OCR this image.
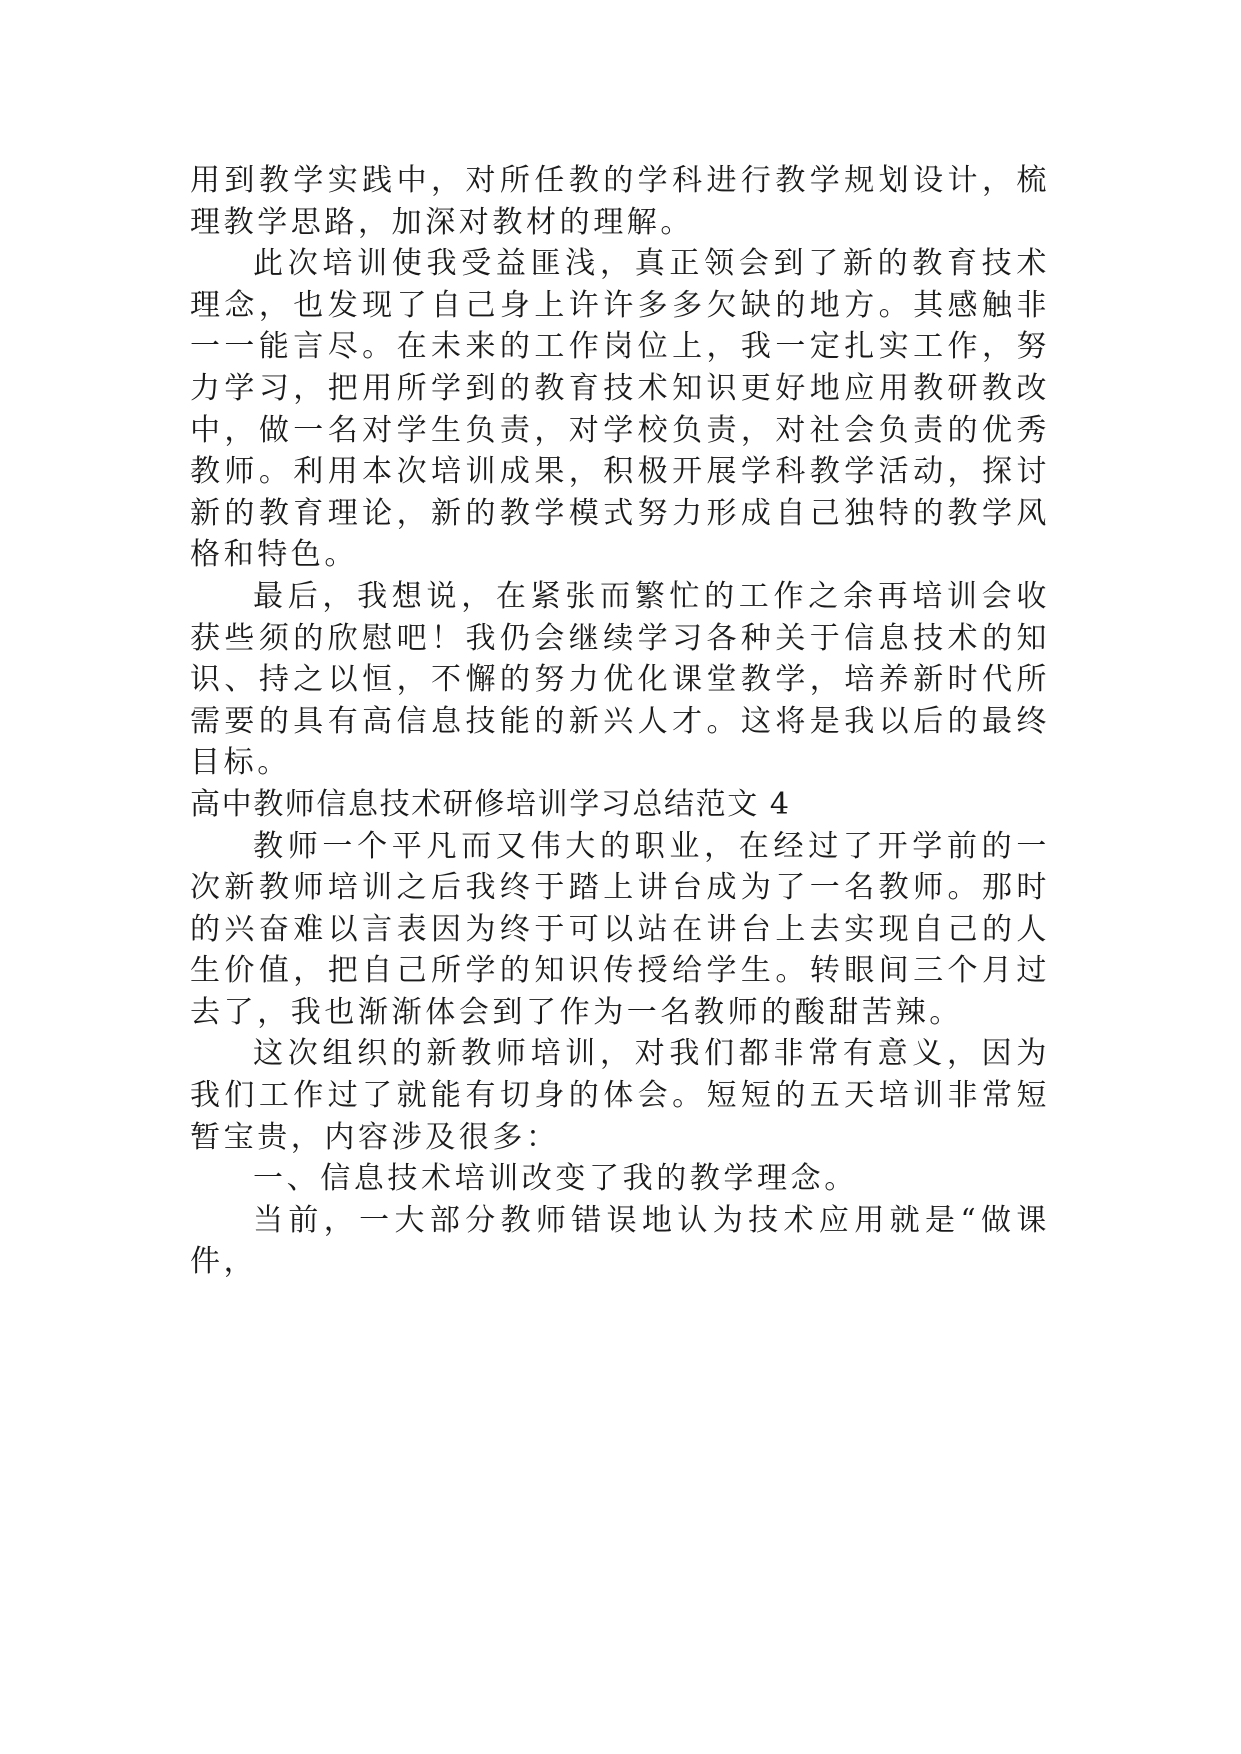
用到教学实践中，对所任教的学科进行教学规划设计，梳理教学思路，加深对教材的理解。

此次培训使我受益匪浅，真正领会到了新的教育技术理念，也发现了自己身上许许多多欠缺的地方。其感触非一一能言尽。在未来的工作岗位上，我一定扎实工作，努力学习，把用所学到的教育技术知识更好地应用教研教改中，做一名对学生负责，对学校负责，对社会负责的优秀教师。利用本次培训成果，积极开展学科教学活动，探讨新的教育理论，新的教学模式努力形成自己独特的教学风格和特色。

最后，我想说，在紧张而繁忙的工作之余再培训会收获些须的欣慰吧！我仍会继续学习各种关于信息技术的知识、持之以恒，不懈的努力优化课堂教学，培养新时代所需要的具有高信息技能的新兴人才。这将是我以后的最终目标。

高中教师信息技术研修培训学习总结范文 4

教师一个平凡而又伟大的职业，在经过了开学前的一次新教师培训之后我终于踏上讲台成为了一名教师。那时的兴奋难以言表因为终于可以站在讲台上去实现自己的人生价值，把自己所学的知识传授给学生。转眼间三个月过去了，我也渐渐体会到了作为一名教师的酸甜苦辣。

这次组织的新教师培训，对我们都非常有意义，因为我们工作过了就能有切身的体会。短短的五天培训非常短暂宝贵，内容涉及很多：

一、信息技术培训改变了我的教学理念。

当前，一大部分教师错误地认为技术应用就是“做课件，
